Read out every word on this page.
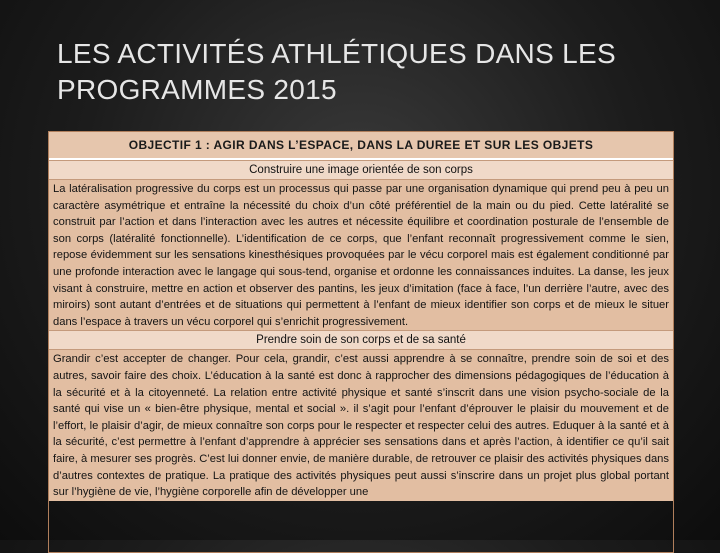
LES ACTIVITÉS ATHLÉTIQUES DANS LES PROGRAMMES 2015
OBJECTIF 1 : AGIR DANS L’ESPACE, DANS LA DUREE ET SUR LES OBJETS
Construire une image orientée de son corps
La latéralisation progressive du corps est un processus qui passe par une organisation dynamique qui prend peu à peu un caractère asymétrique et entraîne la nécessité du choix d’un côté préférentiel de la main ou du pied. Cette latéralité se construit par l’action et dans l’interaction avec les autres et nécessite équilibre et coordination posturale de l’ensemble de son corps (latéralité fonctionnelle). L’identification de ce corps, que l’enfant reconnaît progressivement comme le sien, repose évidemment sur les sensations kinesthésiques provoquées par le vécu corporel mais est également conditionné par une profonde interaction avec le langage qui sous-tend, organise et ordonne les connaissances induites. La danse, les jeux visant à construire, mettre en action et observer des pantins, les jeux d’imitation (face à face, l’un derrière l’autre, avec des miroirs) sont autant d’entrées et de situations qui permettent à l’enfant de mieux identifier son corps et de mieux le situer dans l’espace à travers un vécu corporel qui s’enrichit progressivement.
Prendre soin de son corps et de sa santé
Grandir c’est accepter de changer. Pour cela, grandir, c’est aussi apprendre à se connaître, prendre soin de soi et des autres, savoir faire des choix. L’éducation à la santé est donc à rapprocher des dimensions pédagogiques de l’éducation à la sécurité et à la citoyenneté. La relation entre activité physique et santé s’inscrit dans une vision psycho-sociale de la santé qui vise un « bien-être physique, mental et social ». il s’agit pour l’enfant d’éprouver le plaisir du mouvement et de l’effort, le plaisir d’agir, de mieux connaître son corps pour le respecter et respecter celui des autres. Eduquer à la santé et à la sécurité, c’est permettre à l’enfant d’apprendre à apprécier ses sensations dans et après l’action, à identifier ce qu’il sait faire, à mesurer ses progrès. C’est lui donner envie, de manière durable, de retrouver ce plaisir des activités physiques dans d’autres contextes de pratique. La pratique des activités physiques peut aussi s’inscrire dans un projet plus global portant sur l’hygiène de vie, l’hygiène corporelle afin de développer une
